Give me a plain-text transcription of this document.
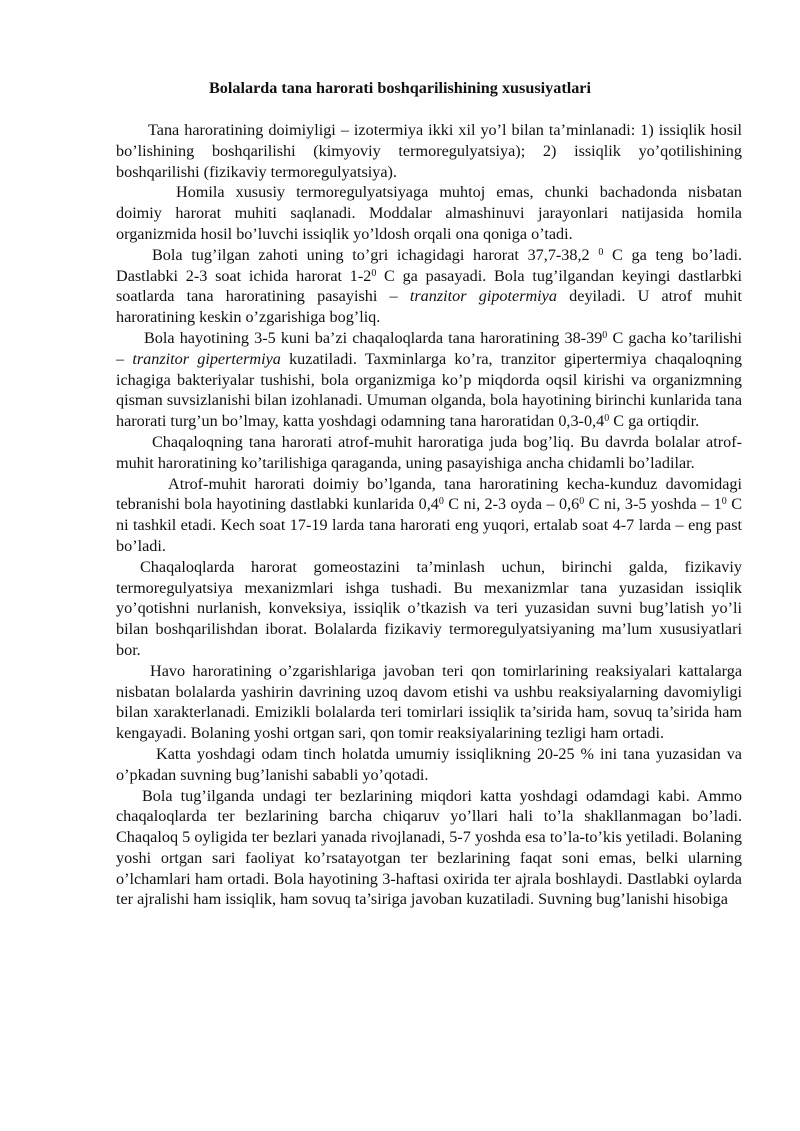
Bolalarda tana harorati boshqarilishining xususiyatlari

Tana haroratining doimiyligi – izotermiya ikki xil yo’l bilan ta’minlanadi: 1) issiqlik hosil bo’lishining boshqarilishi (kimyoviy termoregulyatsiya); 2) issiqlik yo’qotilishining boshqarilishi (fizikaviy termoregulyatsiya).

Homila xususiy termoregulyatsiyaga muhtoj emas, chunki bachadonda nisbatan doimiy harorat muhiti saqlanadi. Moddalar almashinuvi jarayonlari natijasida homila organizmida hosil bo’luvchi issiqlik yo’ldosh orqali ona qoniga o’tadi.

Bola tug’ilgan zahoti uning to’gri ichagidagi harorat 37,7-38,2 $^0$ C ga teng bo’ladi. Dastlabki 2-3 soat ichida harorat $1-2^0$ C ga pasayadi. Bola tug’ilgandan keyingi dastlarbki soatlarda tana haroratining pasayishi – tranzitor gipotermiya deyiladi. U atrof muhit haroratining keskin o’zgarishiga bog’liq.

Bola hayotining 3-5 kuni ba’zi chaqaloqlarda tana haroratining $38-39^0$ C gacha ko’tarilishi – tranzitor gipertermiya kuzatiladi. Taxminlarga ko’ra, tranzitor gipertermiya chaqaloqning ichagiga bakteriyalar tushishi, bola organizmiga ko’p miqdorda oqsil kirishi va organizmning qisman suvsizlanishi bilan izohlanadi. Umuman olganda, bola hayotining birinchi kunlarida tana harorati turg’un bo’lmay, katta yoshdagi odamning tana haroratidan $0,3-0,4^0$ C ga ortiqdir.

Chaqaloqning tana harorati atrof-muhit haroratiga juda bog’liq. Bu davrda bolalar atrof-muhit haroratining ko’tarilishiga qaraganda, uning pasayishiga ancha chidamli bo’ladilar.

Atrof-muhit harorati doimiy bo’lganda, tana haroratining kecha-kunduz davomidagi tebranishi bola hayotining dastlabki kunlarida $0,4^0$ C ni, 2-3 oyda – $0,6^0$ C ni, 3-5 yoshda – $1^0$ C ni tashkil etadi. Kech soat 17-19 larda tana harorati eng yuqori, ertalab soat 4-7 larda – eng past bo’ladi.

Chaqaloqlarda harorat gomeostazini ta’minlash uchun, birinchi galda, fizikaviy termoregulyatsiya mexanizmlari ishga tushadi. Bu mexanizmlar tana yuzasidan issiqlik yo’qotishni nurlanish, konveksiya, issiqlik o’tkazish va teri yuzasidan suvni bug’latish yo’li bilan boshqarilishdan iborat. Bolalarda fizikaviy termoregulyatsiyaning ma’lum xususiyatlari bor.

Havo haroratining o’zgarishlariga javoban teri qon tomirlarining reaksiyalari kattalarga nisbatan bolalarda yashirin davrining uzoq davom etishi va ushbu reaksiyalarning davomiyligi bilan xarakterlanadi. Emizikli bolalarda teri tomirlari issiqlik ta’sirida ham, sovuq ta’sirida ham kengayadi. Bolaning yoshi ortgan sari, qon tomir reaksiyalarining tezligi ham ortadi.

Katta yoshdagi odam tinch holatda umumiy issiqlikning 20-25 % ini tana yuzasidan va o’pkadan suvning bug’lanishi sababli yo’qotadi.

Bola tug’ilganda undagi ter bezlarining miqdori katta yoshdagi odamdagi kabi. Ammo chaqaloqlarda ter bezlarining barcha chiqaruv yo’llari hali to’la shakllanmagan bo’ladi. Chaqaloq 5 oyligida ter bezlari yanada rivojlanadi, 5-7 yoshda esa to’la-to’kis yetiladi. Bolaning yoshi ortgan sari faoliyat ko’rsatayotgan ter bezlarining faqat soni emas, belki ularning o’lchamlari ham ortadi. Bola hayotining 3-haftasi oxirida ter ajrala boshlaydi. Dastlabki oylarda ter ajralishi ham issiqlik, ham sovuq ta’siriga javoban kuzatiladi. Suvning bug’lanishi hisobiga
